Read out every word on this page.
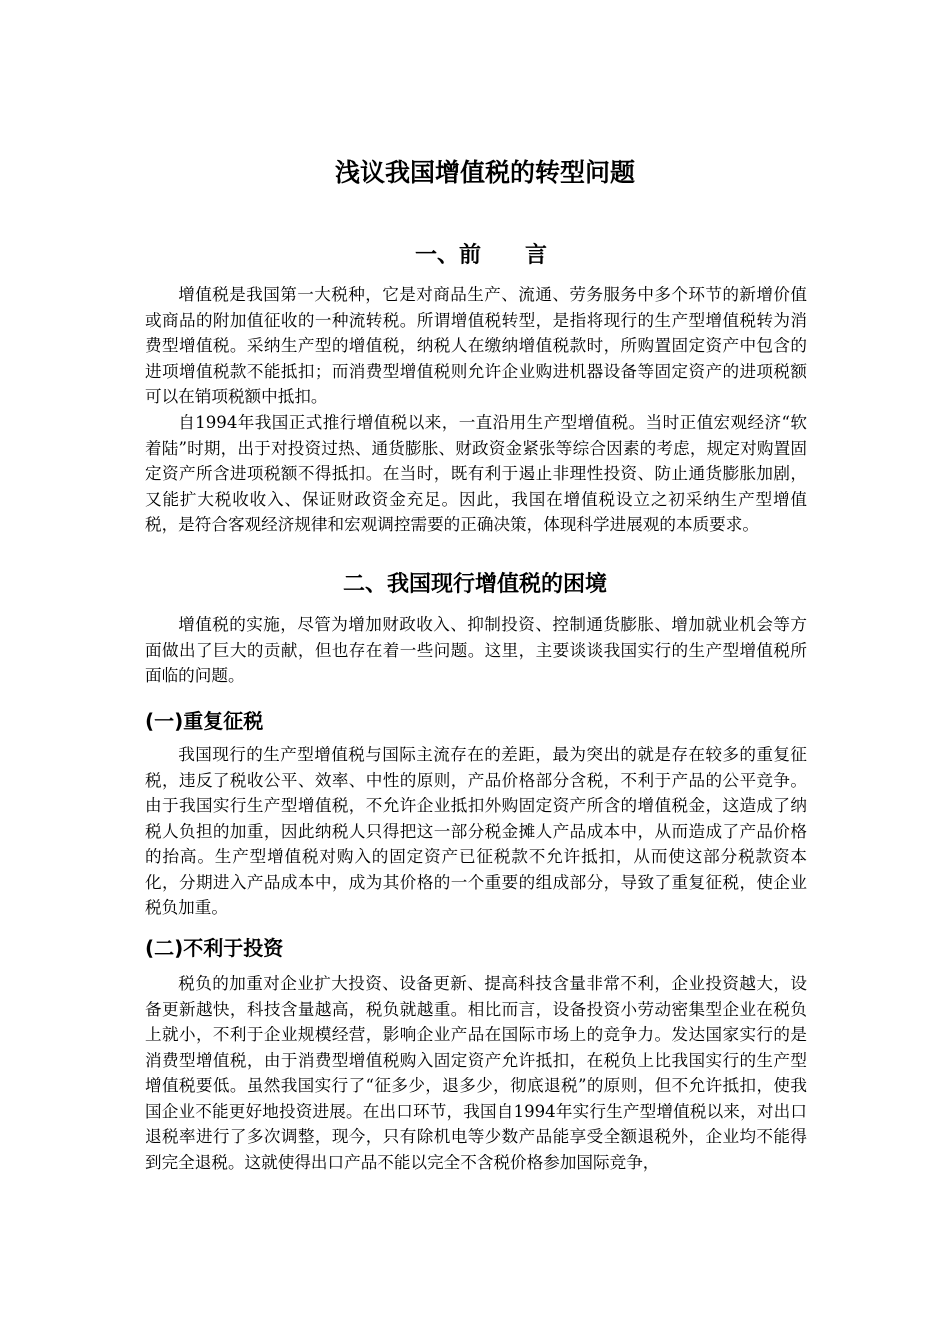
浅议我国增值税的转型问题
一、前　　言

增值税是我国第一大税种，它是对商品生产、流通、劳务服务中多个环节的新增价值或商品的附加值征收的一种流转税。所谓增值税转型，是指将现行的生产型增值税转为消费型增值税。采纳生产型的增值税，纳税人在缴纳增值税款时，所购置固定资产中包含的进项增值税款不能抵扣；而消费型增值税则允许企业购进机器设备等固定资产的进项税额可以在销项税额中抵扣。

自1994年我国正式推行增值税以来，一直沿用生产型增值税。当时正值宏观经济“软着陆”时期，出于对投资过热、通货膨胀、财政资金紧张等综合因素的考虑，规定对购置固定资产所含进项税额不得抵扣。在当时，既有利于遏止非理性投资、防止通货膨胀加剧，又能扩大税收收入、保证财政资金充足。因此，我国在增值税设立之初采纳生产型增值税，是符合客观经济规律和宏观调控需要的正确决策，体现科学进展观的本质要求。

二、我国现行增值税的困境

增值税的实施，尽管为增加财政收入、抑制投资、控制通货膨胀、增加就业机会等方面做出了巨大的贡献，但也存在着一些问题。这里，主要谈谈我国实行的生产型增值税所面临的问题。

(一)重复征税

我国现行的生产型增值税与国际主流存在的差距，最为突出的就是存在较多的重复征税，违反了税收公平、效率、中性的原则，产品价格部分含税，不利于产品的公平竞争。由于我国实行生产型增值税，不允许企业抵扣外购固定资产所含的增值税金，这造成了纳税人负担的加重，因此纳税人只得把这一部分税金摊人产品成本中，从而造成了产品价格的抬高。生产型增值税对购入的固定资产已征税款不允许抵扣，从而使这部分税款资本化，分期进入产品成本中，成为其价格的一个重要的组成部分，导致了重复征税，使企业税负加重。

(二)不利于投资

税负的加重对企业扩大投资、设备更新、提高科技含量非常不利，企业投资越大，设备更新越快，科技含量越高，税负就越重。相比而言，设备投资小劳动密集型企业在税负上就小，不利于企业规模经营，影响企业产品在国际市场上的竞争力。发达国家实行的是消费型增值税，由于消费型增值税购入固定资产允许抵扣，在税负上比我国实行的生产型增值税要低。虽然我国实行了“征多少，退多少，彻底退税”的原则，但不允许抵扣，使我国企业不能更好地投资进展。在出口环节，我国自1994年实行生产型增值税以来，对出口退税率进行了多次调整，现今，只有除机电等少数产品能享受全额退税外，企业均不能得到完全退税。这就使得出口产品不能以完全不含税价格参加国际竞争，
